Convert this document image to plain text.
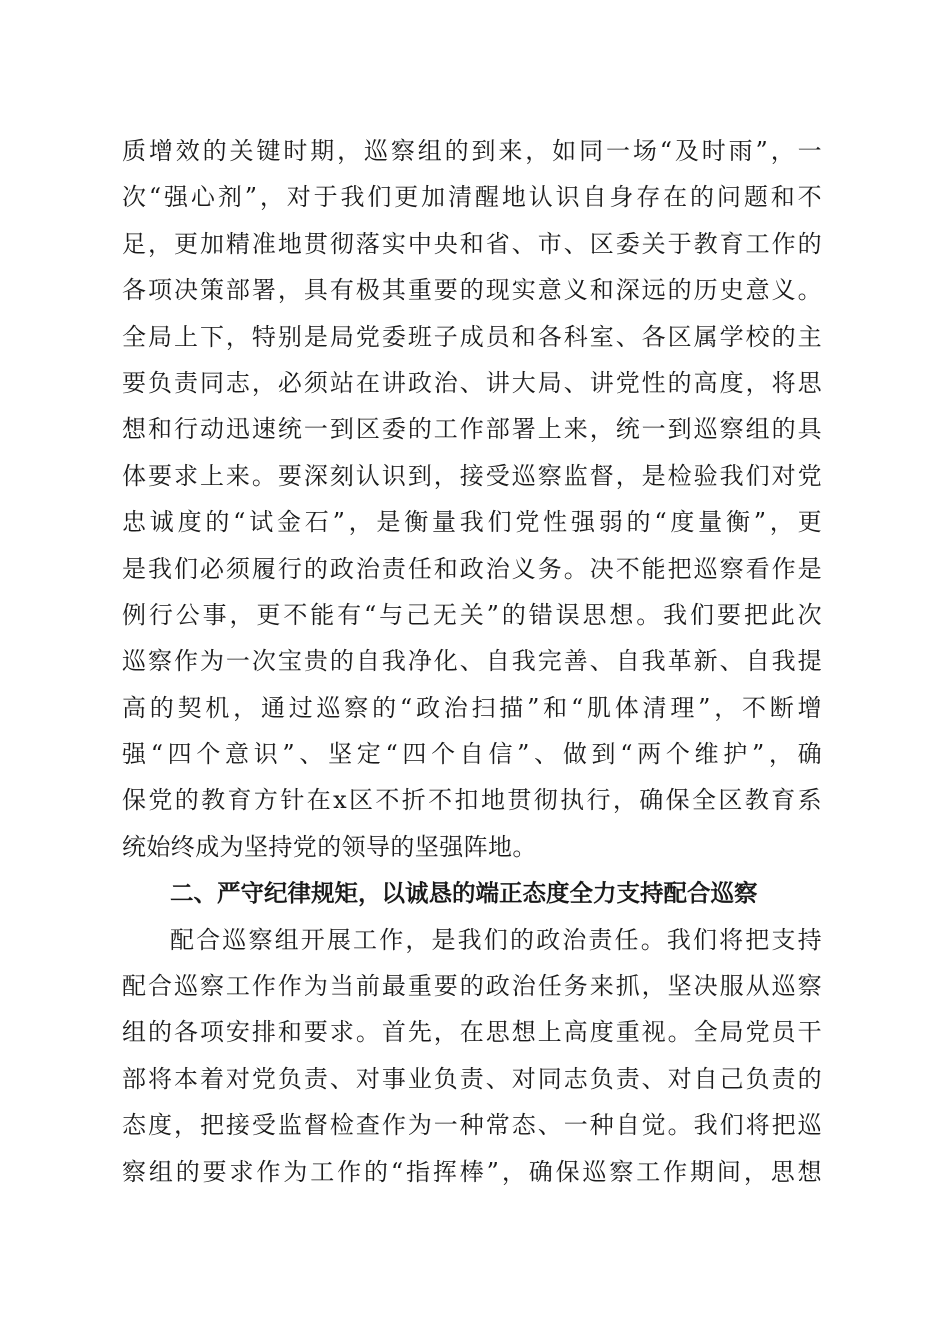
质增效的关键时期，巡察组的到来，如同一场“及时雨”，一
次“强心剂”，对于我们更加清醒地认识自身存在的问题和不
足，更加精准地贯彻落实中央和省、市、区委关于教育工作的
各项决策部署，具有极其重要的现实意义和深远的历史意义。
全局上下，特别是局党委班子成员和各科室、各区属学校的主
要负责同志，必须站在讲政治、讲大局、讲党性的高度，将思
想和行动迅速统一到区委的工作部署上来，统一到巡察组的具
体要求上来。要深刻认识到，接受巡察监督，是检验我们对党
忠诚度的“试金石”，是衡量我们党性强弱的“度量衡”，更
是我们必须履行的政治责任和政治义务。决不能把巡察看作是
例行公事，更不能有“与己无关”的错误思想。我们要把此次
巡察作为一次宝贵的自我净化、自我完善、自我革新、自我提
高的契机，通过巡察的“政治扫描”和“肌体清理”，不断增
强“四个意识”、坚定“四个自信”、做到“两个维护”，确
保党的教育方针在x区不折不扣地贯彻执行，确保全区教育系
统始终成为坚持党的领导的坚强阵地。
二、严守纪律规矩，以诚恳的端正态度全力支持配合巡察
配合巡察组开展工作，是我们的政治责任。我们将把支持
配合巡察工作作为当前最重要的政治任务来抓，坚决服从巡察
组的各项安排和要求。首先，在思想上高度重视。全局党员干
部将本着对党负责、对事业负责、对同志负责、对自己负责的
态度，把接受监督检查作为一种常态、一种自觉。我们将把巡
察组的要求作为工作的“指挥棒”，确保巡察工作期间，思想
